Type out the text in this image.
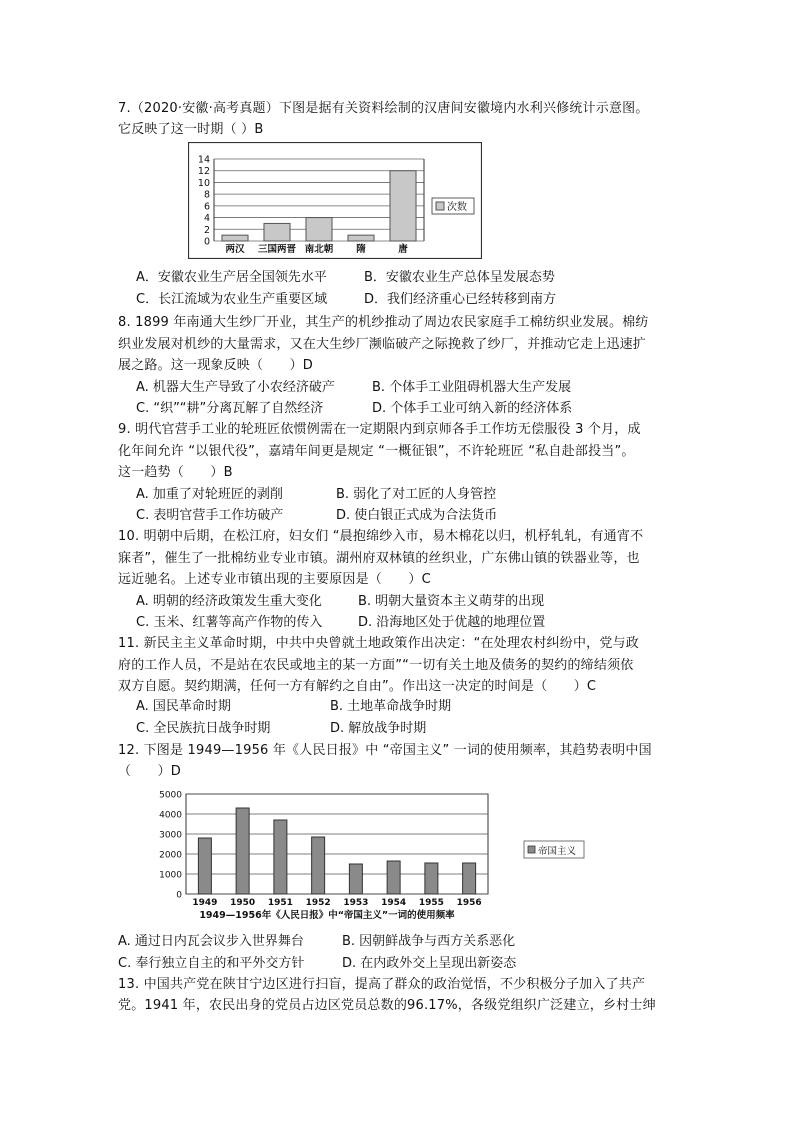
7.（2020·安徽·高考真题）下图是据有关资料绘制的汉唐间安徽境内水利兴修统计示意图。
它反映了这一时期（ ）B
0
2
4
6
8
10
12
14
两汉 三国两晋 南北朝 隋	唐
次数
A．安徽农业生产居全国领先水平	B．安徽农业生产总体呈发展态势
C．长江流域为农业生产重要区域	D．我们经济重心已经转移到南方
8. 1899 年南通大生纱厂开业，其生产的机纱推动了周边农民家庭手工棉纺织业发展。棉纺
织业发展对机纱的大量需求，又在大生纱厂濒临破产之际挽救了纱厂，并推动它走上迅速扩
展之路。这一现象反映（　　）D
A. 机器大生产导致了小农经济破产	B. 个体手工业阻碍机器大生产发展
C. “织”“耕”分离瓦解了自然经济	D. 个体手工业可纳入新的经济体系
9. 明代官营手工业的轮班匠依惯例需在一定期限内到京师各手工作坊无偿服役 3 个月，成
化年间允许 “以银代役”，嘉靖年间更是规定 “一概征银”，不许轮班匠 “私自赴部投当”。
这一趋势（　　）B
A. 加重了对轮班匠的剥削	B. 弱化了对工匠的人身管控
C. 表明官营手工作坊破产	D. 使白银正式成为合法货币
10. 明朝中后期，在松江府，妇女们 “晨抱绵纱入市，易木棉花以归，机杼轧轧，有通宵不
寐者”，催生了一批棉纺业专业市镇。湖州府双林镇的丝织业，广东佛山镇的铁器业等，也
远近驰名。上述专业市镇出现的主要原因是（　　）C
A. 明朝的经济政策发生重大变化	B. 明朝大量资本主义萌芽的出现
C. 玉米、红薯等高产作物的传入	D. 沿海地区处于优越的地理位置
11. 新民主主义革命时期，中共中央曾就土地政策作出决定：“在处理农村纠纷中，党与政
府的工作人员，不是站在农民或地主的某一方面”“一切有关土地及债务的契约的缔结须依
双方自愿。契约期满，任何一方有解约之自由”。作出这一决定的时间是（　　）C
A. 国民革命时期	B. 土地革命战争时期
C. 全民族抗日战争时期	D. 解放战争时期
12. 下图是 1949—1956 年《人民日报》中 “帝国主义” 一词的使用频率，其趋势表明中国
（　　）D
0
1000
2000
3000
4000
5000
1949 1950 1951 1952 1953 1954 1955 1956
1949—1956年《人民日报》中“帝国主义”一词的使用频率
帝国主义
A. 通过日内瓦会议步入世界舞台	B. 因朝鲜战争与西方关系恶化
C. 奉行独立自主的和平外交方针	D. 在内政外交上呈现出新姿态
13. 中国共产党在陕甘宁边区进行扫盲，提高了群众的政治觉悟，不少积极分子加入了共产
党。1941 年，农民出身的党员占边区党员总数的96.17%，各级党组织广泛建立，乡村士绅
